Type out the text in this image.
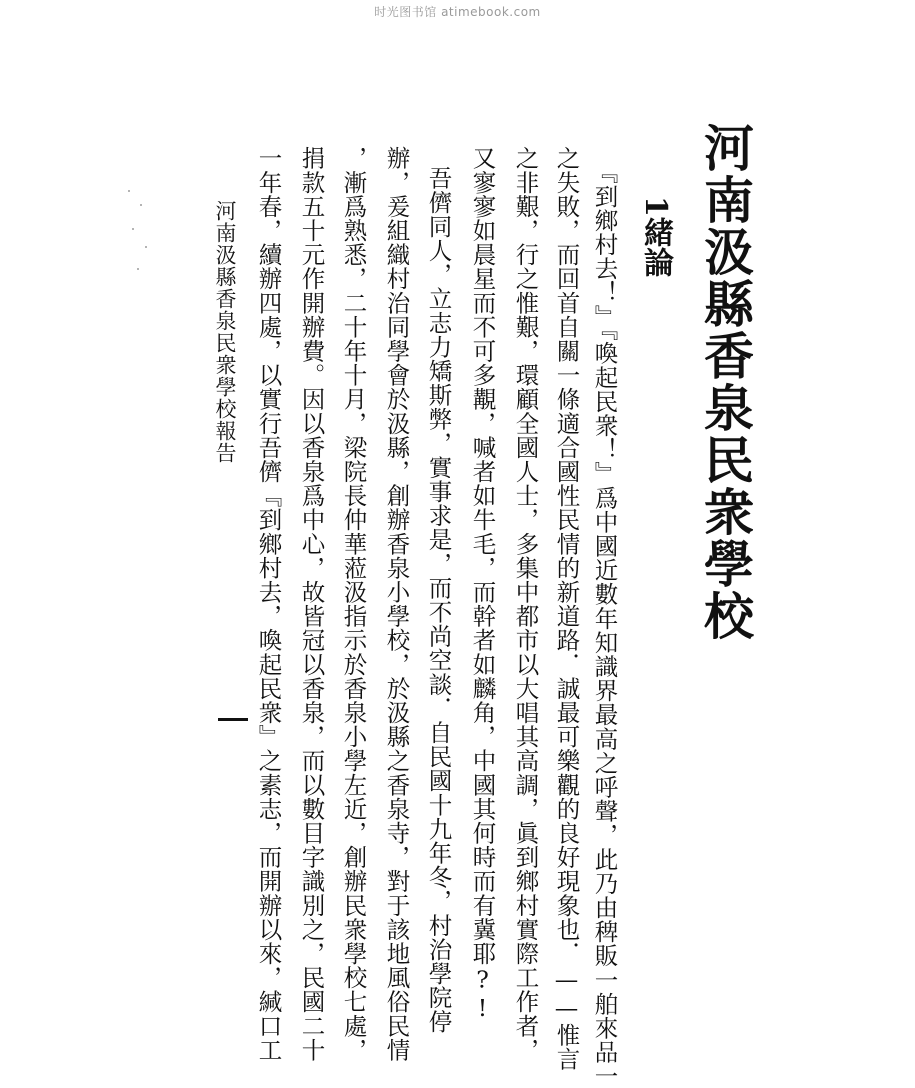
时光图书馆 atimebook.com
河南汲縣香泉民衆學校
1緒論
『到鄉村去！』『喚起民衆！』爲中國近數年知識界最高之呼聲，此乃由稗販一舶來品一
之失敗，而回首自關一條適合國性民情的新道路．誠最可樂觀的良好現象也．——惟言
之非艱，行之惟艱，環顧全國人士，多集中都市以大唱其高調，眞到鄉村實際工作者，
又寥寥如晨星而不可多覯，喊者如牛毛，而幹者如麟角，中國其何時而有冀耶?!
吾儕同人，立志力矯斯弊，實事求是，而不尚空談．自民國十九年冬，村治學院停
辦，爰組織村治同學會於汲縣，創辦香泉小學校，於汲縣之香泉寺，對于該地風俗民情
，漸爲熟悉，二十年十月，梁院長仲華蒞汲指示於香泉小學左近，創辦民衆學校七處，
捐款五十元作開辦費。因以香泉爲中心，故皆冠以香泉，而以數目字識別之，民國二十
一年春，續辦四處，以實行吾儕『到鄉村去，喚起民衆』之素志，而開辦以來，緘口工
河南汲縣香泉民衆學校報告
